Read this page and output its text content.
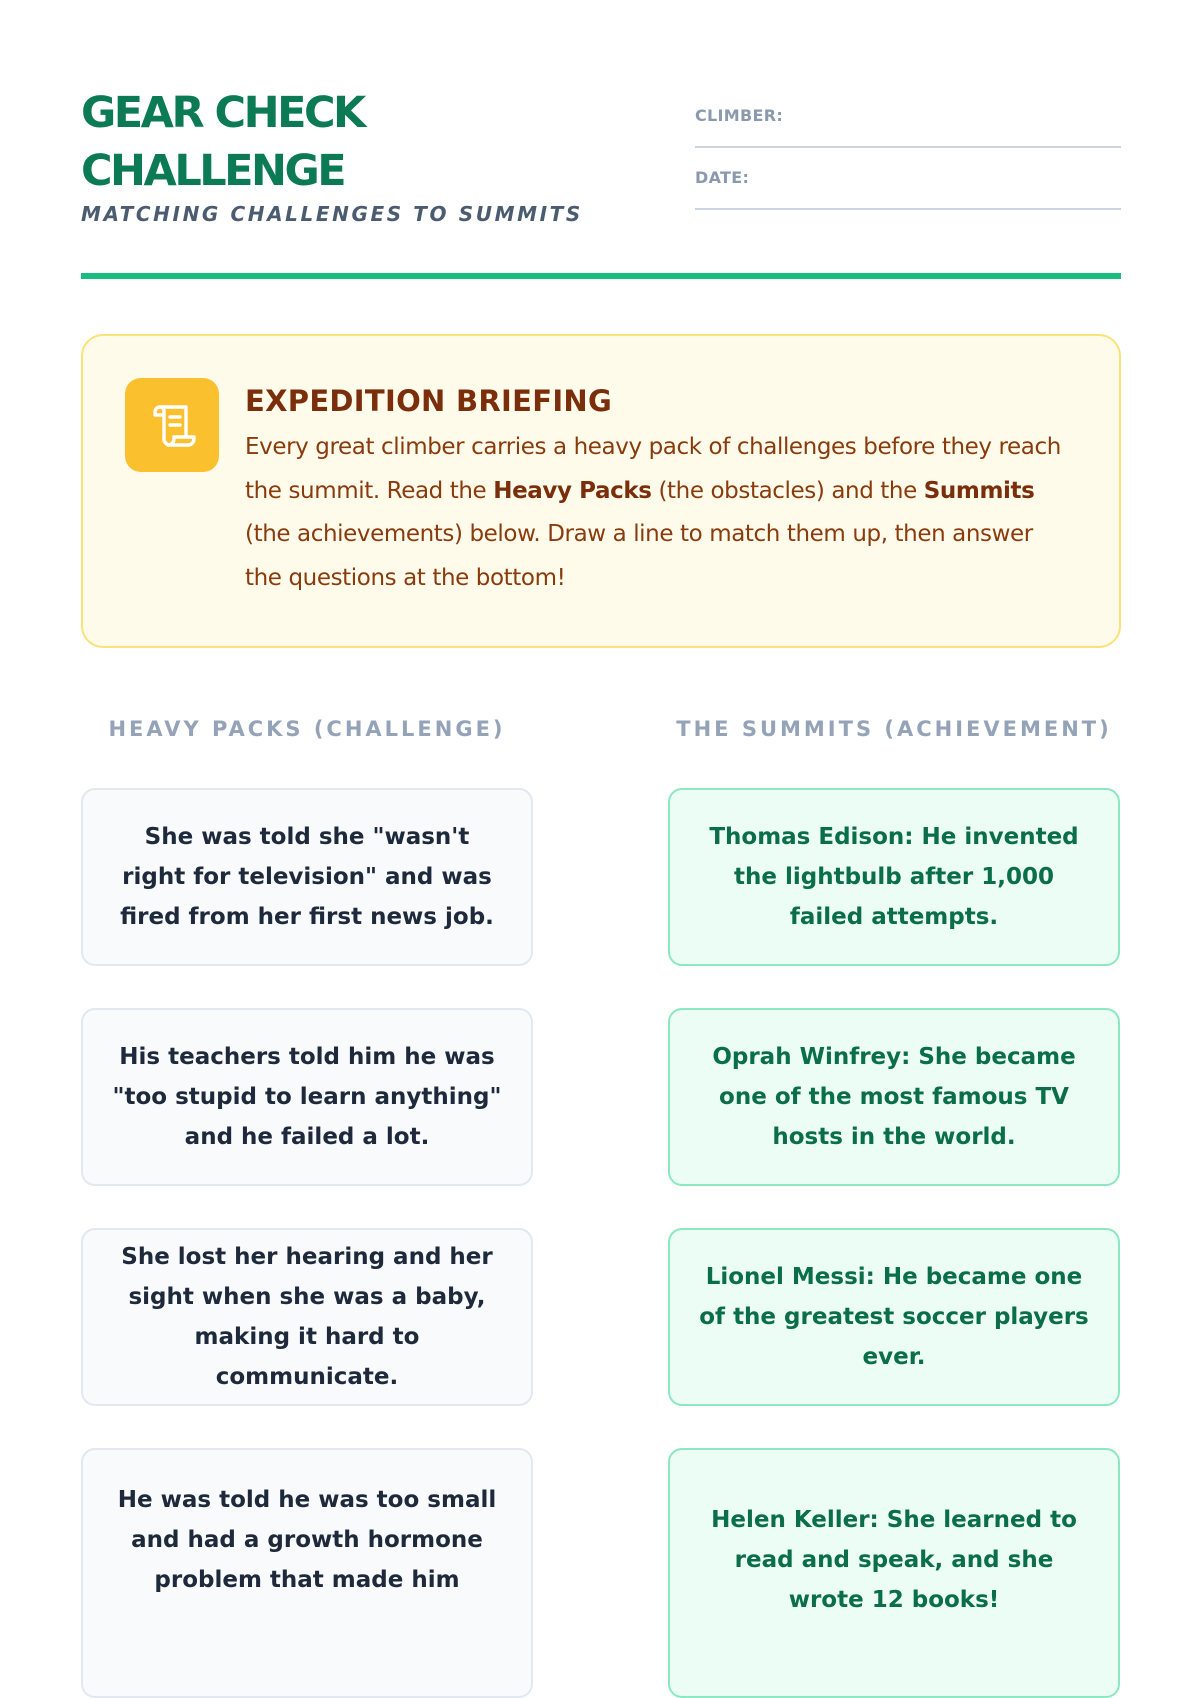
GEAR CHECK
CHALLENGE
MATCHING CHALLENGES TO SUMMITS
CLIMBER:
DATE:
EXPEDITION BRIEFING
Every great climber carries a heavy pack of challenges before they reach the summit. Read the Heavy Packs (the obstacles) and the Summits (the achievements) below. Draw a line to match them up, then answer the questions at the bottom!
HEAVY PACKS (CHALLENGE)	THE SUMMITS (ACHIEVEMENT)
She was told she "wasn't right for television" and was fired from her first news job.
His teachers told him he was "too stupid to learn anything" and he failed a lot.
She lost her hearing and her sight when she was a baby, making it hard to communicate.
He was told he was too small and had a growth hormone problem that made him
Thomas Edison: He invented the lightbulb after 1,000 failed attempts.
Oprah Winfrey: She became one of the most famous TV hosts in the world.
Lionel Messi: He became one of the greatest soccer players ever.
Helen Keller: She learned to read and speak, and she wrote 12 books!
